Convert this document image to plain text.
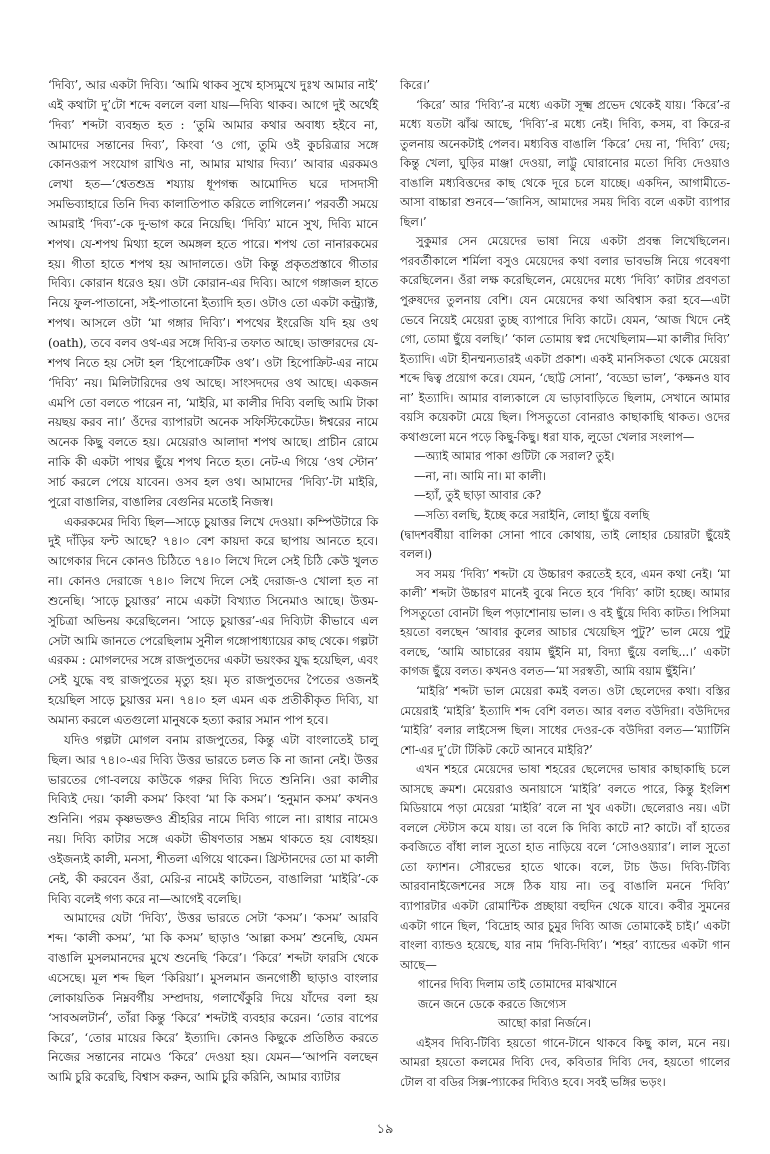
‘দিব্যি’, আর একটা দিব্যি। ‘আমি থাকব সুখে হাস্যমুখে দুঃখ আমার নাই’ এই কথাটা দু’টো শব্দে বললে বলা যায়—দিব্যি থাকব। আগে দুই অর্থেই ‘দিব্য’ শব্দটা ব্যবহৃত হত : ‘তুমি আমার কথার অবাধ্য হইবে না, আমাদের সন্তানের দিব্য’, কিংবা ‘ও গো, তুমি ওই কুচরিত্রার সঙ্গে কোনওরূপ সংযোগ রাখিও না, আমার মাথার দিব্য।’ আবার এরকমও লেখা হত—‘শ্বেতশুভ্র শয্যায় ধূপগন্ধ আমোদিত ঘরে দাসদাসী সমভিব্যাহারে তিনি দিব্য কালাতিপাত করিতে লাগিলেন।’ পরবর্তী সময়ে আমরাই ‘দিব্য’-কে দু-ভাগ করে নিয়েছি। ‘দিব্যি’ মানে সুখ, দিব্যি মানে শপথ। যে-শপথ মিথ্যা হলে অমঙ্গল হতে পারে। শপথ তো নানারকমের হয়। গীতা হাতে শপথ হয় আদালতে। ওটা কিন্তু প্রকৃতপ্রস্তাবে গীতার দিব্যি। কোরান ধরেও হয়। ওটা কোরান-এর দিব্যি। আগে গঙ্গাজল হাতে নিয়ে ফুল-পাতানো, সই-পাতানো ইত্যাদি হত। ওটাও তো একটা কন্ট্র্যাক্ট, শপথ। আসলে ওটা ‘মা গঙ্গার দিব্যি’। শপথের ইংরেজি যদি হয় ওথ (oath), তবে বলব ওথ-এর সঙ্গে দিব্যি-র তফাত আছে। ডাক্তারদের যে-শপথ নিতে হয় সেটা হল ‘হিপোক্রেটিক ওথ’। ওটা হিপোক্রিট-এর নামে ‘দিব্যি’ নয়। মিলিটারিদের ওথ আছে। সাংসদদের ওথ আছে। একজন এমপি তো বলতে পারেন না, ‘মাইরি, মা কালীর দিব্যি বলছি আমি টাকা নয়ছয় করব না।’ ওঁদের ব্যাপারটা অনেক সফিস্টিকেটেড। ঈশ্বরের নামে অনেক কিছু বলতে হয়। মেয়েরাও আলাদা শপথ আছে। প্রাচীন রোমে নাকি কী একটা পাথর ছুঁয়ে শপথ নিতে হত। নেট-এ গিয়ে ‘ওথ স্টোন’ সার্চ করলে পেয়ে যাবেন। ওসব হল ওথ। আমাদের ‘দিব্যি’-টা মাইরি, পুরো বাঙালির, বাঙালির বেগুনির মতোই নিজস্ব।

একরকমের দিব্যি ছিল—সাড়ে চুয়াত্তর লিখে দেওয়া। কম্পিউটারে কি দুই দাঁড়ির ফন্ট আছে? ৭৪।০ বেশ কায়দা করে ছাপায় আনতে হবে। আগেকার দিনে কোনও চিঠিতে ৭৪।০ লিখে দিলে সেই চিঠি কেউ খুলত না। কোনও দেরাজে ৭৪।০ লিখে দিলে সেই দেরাজ-ও খোলা হত না শুনেছি। ‘সাড়ে চুয়াত্তর’ নামে একটা বিখ্যাত সিনেমাও আছে। উত্তম-সুচিত্রা অভিনয় করেছিলেন। ‘সাড়ে চুয়াত্তর’-এর দিব্যিটা কীভাবে এল সেটা আমি জানতে পেরেছিলাম সুনীল গঙ্গোপাধ্যায়ের কাছ থেকে। গল্পটা এরকম : মোগলদের সঙ্গে রাজপুতদের একটা ভয়ংকর যুদ্ধ হয়েছিল, এবং সেই যুদ্ধে বহু রাজপুতের মৃত্যু হয়। মৃত রাজপুতদের পৈতের ওজনই হয়েছিল সাড়ে চুয়াত্তর মন। ৭৪।০ হল এমন এক প্রতীকীকৃত দিব্যি, যা অমান্য করলে এতগুলো মানুষকে হত্যা করার সমান পাপ হবে।

যদিও গল্পটা মোগল বনাম রাজপুতের, কিন্তু এটা বাংলাতেই চালু ছিল। আর ৭৪।০-এর দিব্যি উত্তর ভারতে চলত কি না জানা নেই। উত্তর ভারতের গো-বলয়ে কাউকে গরুর দিব্যি দিতে শুনিনি। ওরা কালীর দিব্যিই দেয়। ‘কালী কসম’ কিংবা ‘মা কি কসম’। ‘হনুমান কসম’ কখনও শুনিনি। পরম কৃষ্ণভক্তও শ্রীহরির নামে দিব্যি গালে না। রাধার নামেও নয়। দিব্যি কাটার সঙ্গে একটা ভীষণতার সম্ভ্রম থাকতে হয় বোধহয়। ওইজন্যই কালী, মনসা, শীতলা এগিয়ে থাকেন। খ্রিস্টানদের তো মা কালী নেই, কী করবেন ওঁরা, মেরি-র নামেই কাটতেন, বাঙালিরা ‘মাইরি’-কে দিব্যি বলেই গণ্য করে না—আগেই বলেছি।

আমাদের যেটা ‘দিব্যি’, উত্তর ভারতে সেটা ‘কসম’। ‘কসম’ আরবি শব্দ। ‘কালী কসম’, ‘মা কি কসম’ ছাড়াও ‘আল্লা কসম’ শুনেছি, যেমন বাঙালি মুসলমানদের মুখে শুনেছি ‘কিরে’। ‘কিরে’ শব্দটা ফারসি থেকে এসেছে। মূল শব্দ ছিল ‘কিরিয়া’। মুসলমান জনগোষ্ঠী ছাড়াও বাংলার লোকায়তিক নিম্নবর্গীয় সম্প্রদায়, গলাখেঁকুরি দিয়ে যাঁদের বলা হয় ‘সাবঅলটার্ন’, তাঁরা কিন্তু ‘কিরে’ শব্দটাই ব্যবহার করেন। ‘তোর বাপের কিরে’, ‘তোর মায়ের কিরে’ ইত্যাদি। কোনও কিছুকে প্রতিষ্ঠিত করতে নিজের সন্তানের নামেও ‘কিরে’ দেওয়া হয়। যেমন—‘আপনি বলছেন আমি চুরি করেছি, বিশ্বাস করুন, আমি চুরি করিনি, আমার ব্যাটার

কিরে।’

‘কিরে’ আর ‘দিব্যি’-র মধ্যে একটা সূক্ষ্ম প্রভেদ থেকেই যায়। ‘কিরে’-র মধ্যে যতটা ঝাঁঝ আছে, ‘দিব্যি’-র মধ্যে নেই। দিব্যি, কসম, বা কিরে-র তুলনায় অনেকটাই পেলব। মধ্যবিত্ত বাঙালি ‘কিরে’ দেয় না, ‘দিব্যি’ দেয়; কিন্তু খেলা, ঘুড়ির মাঞ্জা দেওয়া, লাট্টু ঘোরানোর মতো দিব্যি দেওয়াও বাঙালি মধ্যবিত্তদের কাছ থেকে দূরে চলে যাচ্ছে। একদিন, আগামীতে-আসা বাচ্চারা শুনবে—‘জানিস, আমাদের সময় দিব্যি বলে একটা ব্যাপার ছিল।’

সুকুমার সেন মেয়েদের ভাষা নিয়ে একটা প্রবন্ধ লিখেছিলেন। পরবর্তীকালে শর্মিলা বসুও মেয়েদের কথা বলার ভাবভঙ্গি নিয়ে গবেষণা করেছিলেন। ওঁরা লক্ষ করেছিলেন, মেয়েদের মধ্যে ‘দিব্যি’ কাটার প্রবণতা পুরুষদের তুলনায় বেশি। যেন মেয়েদের কথা অবিশ্বাস করা হবে—এটা ভেবে নিয়েই মেয়েরা তুচ্ছ ব্যাপারে দিব্যি কাটে। যেমন, ‘আজ খিদে নেই গো, তোমা ছুঁয়ে বলছি।’ ‘কাল তোমায় স্বপ্ন দেখেছিলাম—মা কালীর দিব্যি’ ইত্যাদি। এটা হীনম্মন্যতারই একটা প্রকাশ। একই মানসিকতা থেকে মেয়েরা শব্দে দ্বিত্ব প্রয়োগ করে। যেমন, ‘ছোট্ট সোনা’, ‘বড্ডো ভাল’, ‘কক্ষনও যাব না’ ইত্যাদি। আমার বাল্যকালে যে ভাড়াবাড়িতে ছিলাম, সেখানে আমার বয়সি কয়েকটা মেয়ে ছিল। পিসতুতো বোনরাও কাছাকাছি থাকত। ওদের কথাগুলো মনে পড়ে কিছু-কিছু। ধরা যাক, লুডো খেলার সংলাপ—

—অ্যাই আমার পাকা গুটিটা কে সরাল? তুই।
—না, না। আমি না। মা কালী।
—হ্যাঁ, তুই ছাড়া আবার কে?
—সত্যি বলছি, ইচ্ছে করে সরাইনি, লোহা ছুঁয়ে বলছি

(দ্বাদশবর্ষীয়া বালিকা সোনা পাবে কোথায়, তাই লোহার চেয়ারটা ছুঁয়েই বলল।)

সব সময় ‘দিব্যি’ শব্দটা যে উচ্চারণ করতেই হবে, এমন কথা নেই। ‘মা কালী’ শব্দটা উচ্চারণ মানেই বুঝে নিতে হবে ‘দিব্যি’ কাটা হচ্ছে। আমার পিসতুতো বোনটা ছিল পড়াশোনায় ভাল। ও বই ছুঁয়ে দিব্যি কাটত। পিসিমা হয়তো বলছেন ‘আবার কুলের আচার খেয়েছিস পুটু?’ ভাল মেয়ে পুটু বলছে, ‘আমি আচারের বয়াম ছুঁইনি মা, বিদ্যা ছুঁয়ে বলছি...।’ একটা কাগজ ছুঁয়ে বলত। কখনও বলত—‘মা সরস্বতী, আমি বয়াম ছুঁইনি।’

‘মাইরি’ শব্দটা ভাল মেয়েরা কমই বলত। ওটা ছেলেদের কথা। বস্তির মেয়েরাই ‘মাইরি’ ইত্যাদি শব্দ বেশি বলত। আর বলত বউদিরা। বউদিদের ‘মাইরি’ বলার লাইসেন্স ছিল। সাধের দেওর-কে বউদিরা বলত—‘ম্যাটিনি শো-এর দু’টো টিকিট কেটে আনবে মাইরি?’

এখন শহরে মেয়েদের ভাষা শহরের ছেলেদের ভাষার কাছাকাছি চলে আসছে ক্রমশ। মেয়েরাও অনায়াসে ‘মাইরি’ বলতে পারে, কিন্তু ইংলিশ মিডিয়ামে পড়া মেয়েরা ‘মাইরি’ বলে না খুব একটা। ছেলেরাও নয়। এটা বললে স্টেটাস কমে যায়। তা বলে কি দিব্যি কাটে না? কাটে। বাঁ হাতের কবজিতে বাঁধা লাল সুতো হাত নাড়িয়ে বলে ‘সোওওয়্যার’। লাল সুতো তো ফ্যাশন। সৌরভের হাতে থাকে। বলে, টাচ উড। দিব্যি-টিব্যি আরবানাইজেশনের সঙ্গে ঠিক যায় না। তবু বাঙালি মননে ‘দিব্যি’ ব্যাপারটার একটা রোমান্টিক প্রচ্ছায়া বহুদিন থেকে যাবে। কবীর সুমনের একটা গানে ছিল, ‘বিদ্রোহ আর চুমুর দিব্যি আজ তোমাকেই চাই।’ একটা বাংলা ব্যান্ডও হয়েছে, যার নাম ‘দিব্যি-দিব্যি’। ‘শহর’ ব্যান্ডের একটা গান আছে—

গানের দিব্যি দিলাম তাই তোমাদের মাঝখানে
জনে জনে ডেকে করতে জিগ্যেস
আছো কারা নির্জনে।

এইসব দিব্যি-টিব্যি হয়তো গানে-টানে থাকবে কিছু কাল, মনে নয়। আমরা হয়তো কলমের দিব্যি দেব, কবিতার দিব্যি দেব, হয়তো গালের টোল বা বডির সিক্স-প্যাকের দিব্যিও হবে। সবই ভঙ্গির ভড়ং।

১৯
